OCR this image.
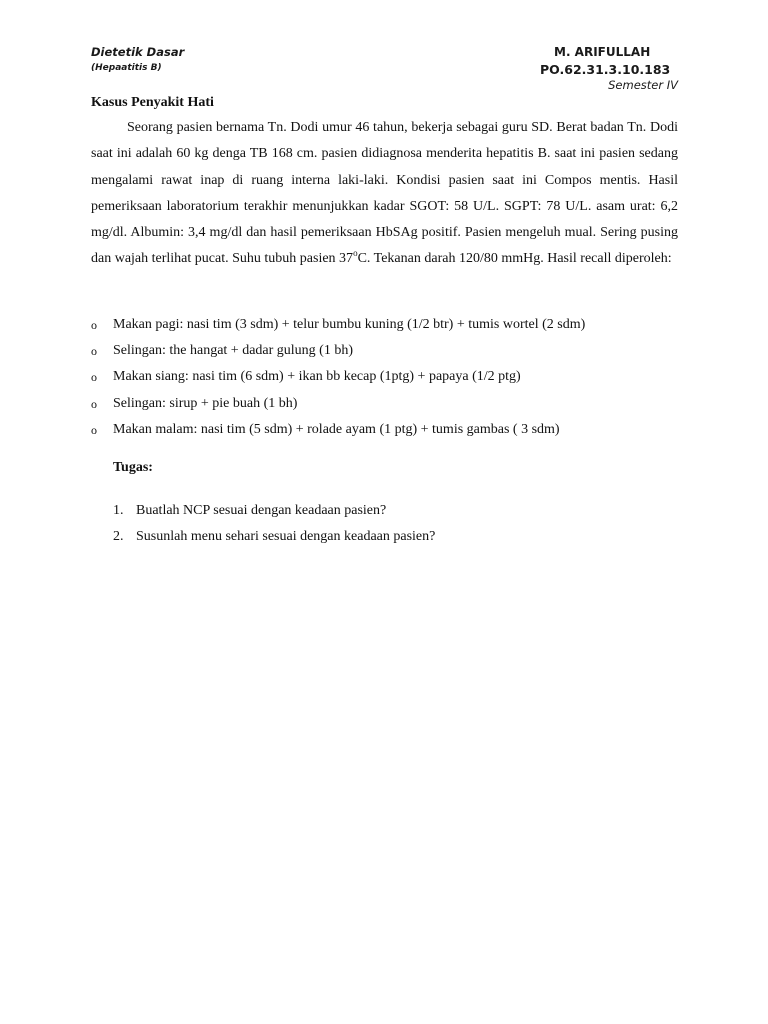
Dietetik Dasar
(Hepaatitis B)
M. ARIFULLAH
PO.62.31.3.10.183
Semester IV
Kasus Penyakit Hati
Seorang pasien bernama Tn. Dodi umur 46 tahun, bekerja sebagai guru SD. Berat badan Tn. Dodi saat ini adalah 60 kg denga TB 168 cm. pasien didiagnosa menderita hepatitis B. saat ini pasien sedang mengalami rawat inap di ruang interna laki-laki. Kondisi pasien saat ini Compos mentis. Hasil pemeriksaan laboratorium terakhir menunjukkan kadar SGOT: 58 U/L. SGPT: 78 U/L. asam urat: 6,2 mg/dl. Albumin: 3,4 mg/dl dan hasil pemeriksaan HbSAg positif. Pasien mengeluh mual. Sering pusing dan wajah terlihat pucat. Suhu tubuh pasien 37$^o$C. Tekanan darah 120/80 mmHg. Hasil recall diperoleh:
o Makan pagi: nasi tim (3 sdm) + telur bumbu kuning (1/2 btr) + tumis wortel (2 sdm)
o Selingan: the hangat + dadar gulung (1 bh)
o Makan siang: nasi tim (6 sdm) + ikan bb kecap (1ptg) + papaya (1/2 ptg)
o Selingan: sirup + pie buah (1 bh)
o Makan malam: nasi tim (5 sdm) + rolade ayam (1 ptg) + tumis gambas ( 3 sdm)
Tugas:
1. Buatlah NCP sesuai dengan keadaan pasien?
2. Susunlah menu sehari sesuai dengan keadaan pasien?
